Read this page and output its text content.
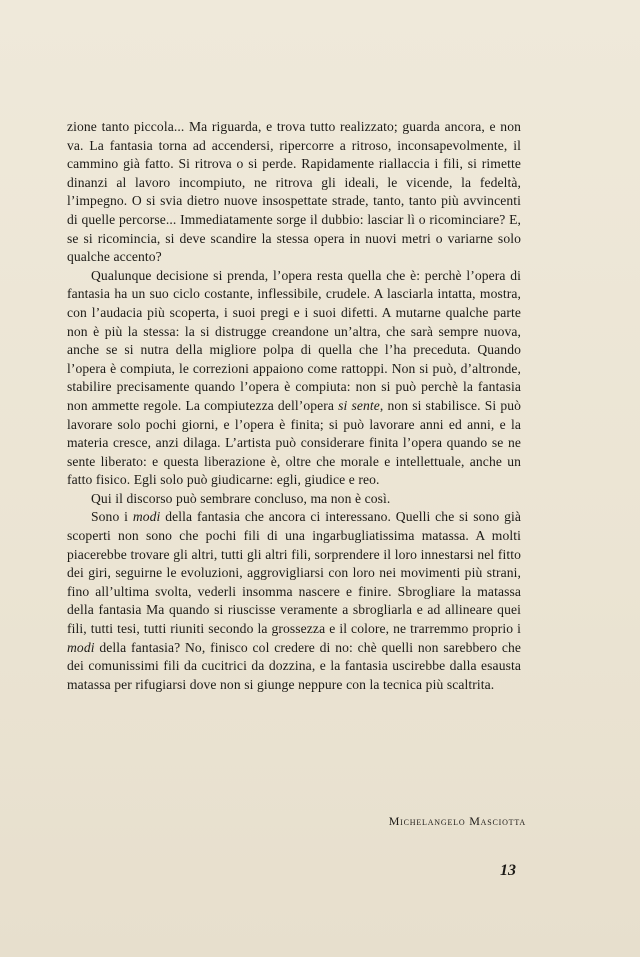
zione tanto piccola... Ma riguarda, e trova tutto realizzato; guarda ancora, e non va. La fantasia torna ad accendersi, ripercorre a ritroso, inconsapevolmente, il cammino già fatto. Si ritrova o si perde. Rapidamente riallaccia i fili, si rimette dinanzi al lavoro incompiuto, ne ritrova gli ideali, le vicende, la fedeltà, l’impegno. O si svia dietro nuove insospettate strade, tanto, tanto più avvincenti di quelle percorse... Immediatamente sorge il dubbio: lasciar lì o ricominciare? E, se si ricomincia, si deve scandire la stessa opera in nuovi metri o variarne solo qualche accento?

Qualunque decisione si prenda, l’opera resta quella che è: perchè l’opera di fantasia ha un suo ciclo costante, inflessibile, crudele. A lasciarla intatta, mostra, con l’audacia più scoperta, i suoi pregi e i suoi difetti. A mutarne qualche parte non è più la stessa: la si distrugge creandone un’altra, che sarà sempre nuova, anche se si nutra della migliore polpa di quella che l’ha preceduta. Quando l’opera è compiuta, le correzioni appaiono come rattoppi. Non si può, d’altronde, stabilire precisamente quando l’opera è compiuta: non si può perchè la fantasia non ammette regole. La compiutezza dell’opera si sente, non si stabilisce. Si può lavorare solo pochi giorni, e l’opera è finita; si può lavorare anni ed anni, e la materia cresce, anzi dilaga. L’artista può considerare finita l’opera quando se ne sente liberato: e questa liberazione è, oltre che morale e intellettuale, anche un fatto fisico. Egli solo può giudicarne: egli, giudice e reo.

Qui il discorso può sembrare concluso, ma non è così.

Sono i modi della fantasia che ancora ci interessano. Quelli che si sono già scoperti non sono che pochi fili di una ingarbugliatissima matassa. A molti piacerebbe trovare gli altri, tutti gli altri fili, sorprendere il loro innestarsi nel fitto dei giri, seguirne le evoluzioni, aggrovigliarsi con loro nei movimenti più strani, fino all’ultima svolta, vederli insomma nascere e finire. Sbrogliare la matassa della fantasia Ma quando si riuscisse veramente a sbrogliarla e ad allineare quei fili, tutti tesi, tutti riuniti secondo la grossezza e il colore, ne trarremmo proprio i modi della fantasia? No, finisco col credere di no: chè quelli non sarebbero che dei comunissimi fili da cucitrici da dozzina, e la fantasia uscirebbe dalla esausta matassa per rifugiarsi dove non si giunge neppure con la tecnica più scaltrita.

Michelangelo Masciotta
13
